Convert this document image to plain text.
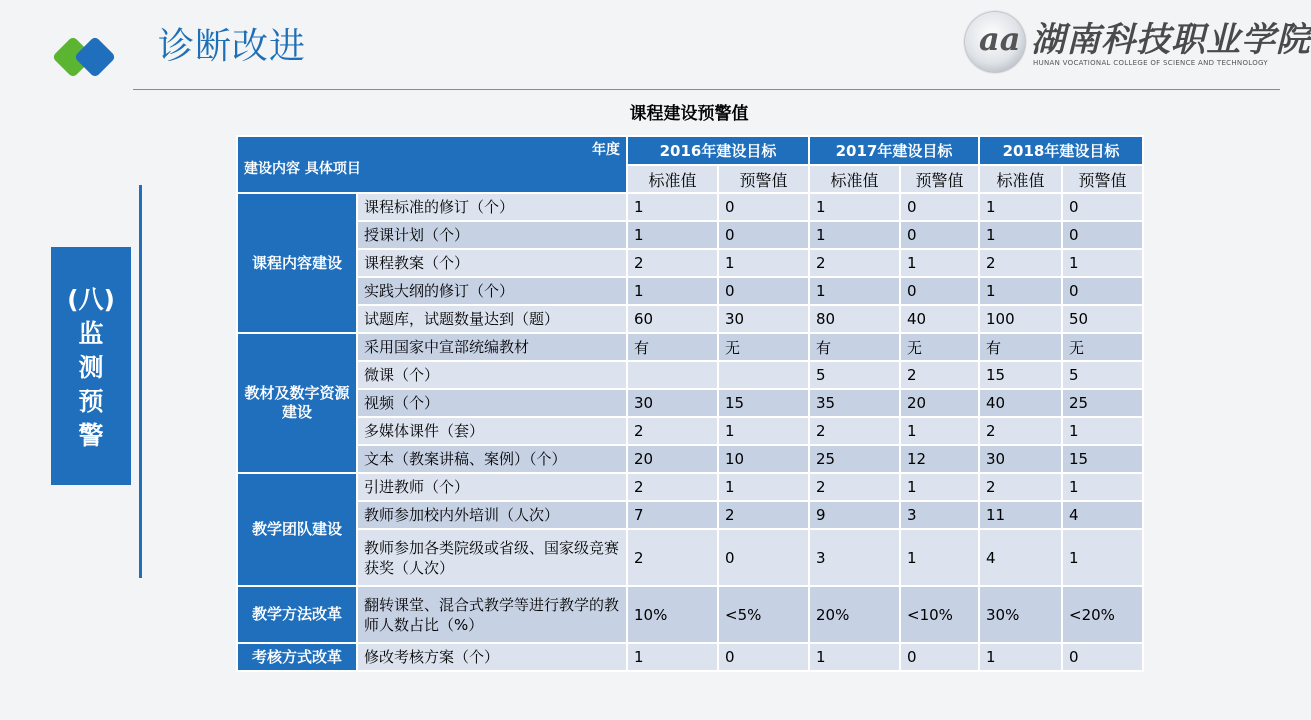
诊断改进	aa 湖南科技职业学院
HUNAN VOCATIONAL COLLEGE OF SCIENCE AND TECHNOLOGY
(八)
监
测
预
警
课程建设预警值
年度
建设内容 具体项目		2016年建设目标		2017年建设目标		2018年建设目标	
		标准值	预警值	标准值	预警值	标准值	预警值
课程内容建设	课程标准的修订（个）	1	0	1	0	1	0
	授课计划（个）	1	0	1	0	1	0
	课程教案（个）	2	1	2	1	2	1
	实践大纲的修订（个）	1	0	1	0	1	0
	试题库，试题数量达到（题）	60	30	80	40	100	50
教材及数字资源建设	采用国家中宣部统编教材	有	无	有	无	有	无
	微课（个）			5	2	15	5
	视频（个）	30	15	35	20	40	25
	多媒体课件（套）	2	1	2	1	2	1
	文本（教案讲稿、案例）（个）	20	10	25	12	30	15
教学团队建设	引进教师（个）	2	1	2	1	2	1
	教师参加校内外培训（人次）	7	2	9	3	11	4
	教师参加各类院级或省级、国家级竞赛获奖（人次）	2	0	3	1	4	1
教学方法改革	翻转课堂、混合式教学等进行教学的教师人数占比（%）	10%	<5%	20%	<10%	30%	<20%
考核方式改革	修改考核方案（个）	1	0	1	0	1	0
